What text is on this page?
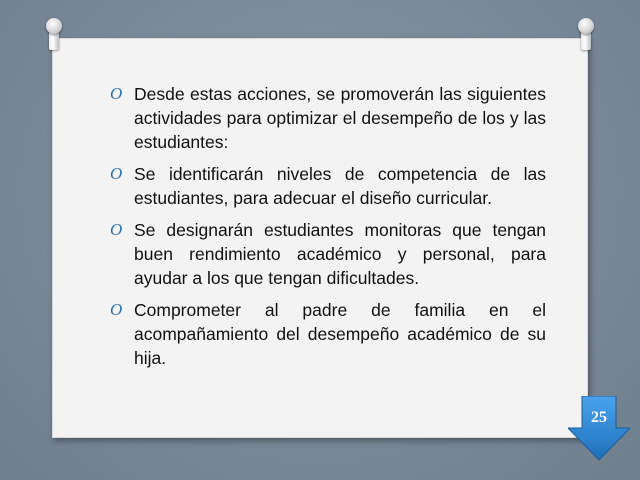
O Desde estas acciones, se promoverán las siguientes actividades para optimizar el desempeño de los y las estudiantes:
O Se identificarán niveles de competencia de las estudiantes, para adecuar el diseño curricular.
O Se designarán estudiantes monitoras que tengan buen rendimiento académico y personal, para ayudar a los que tengan dificultades.
O Comprometer al padre de familia en el acompañamiento del desempeño académico de su hija.
25
